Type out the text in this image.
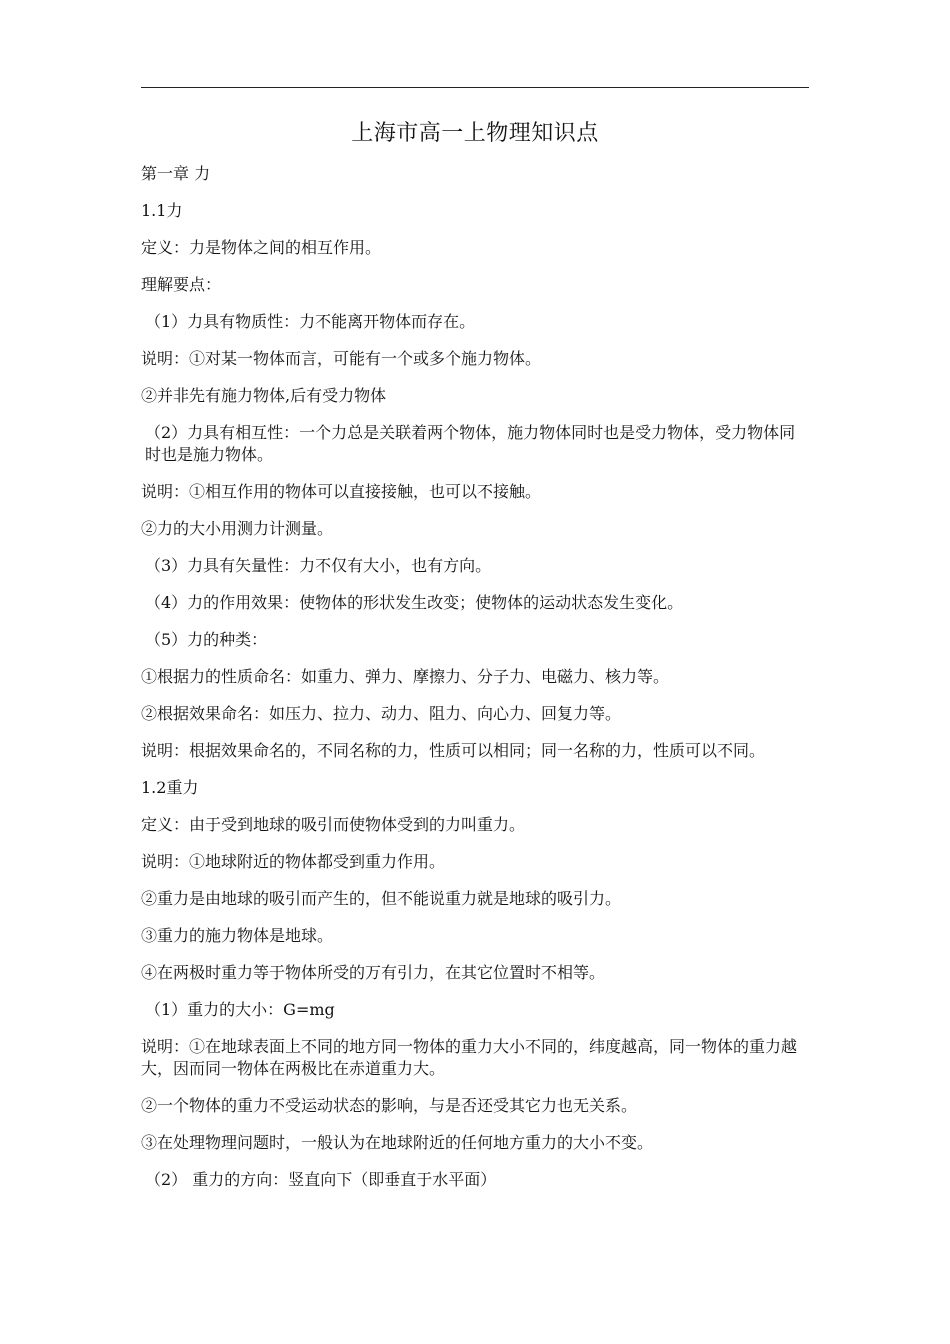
上海市高一上物理知识点

第一章 力

1.1力

定义：力是物体之间的相互作用。

理解要点：

（1）力具有物质性：力不能离开物体而存在。

说明：①对某一物体而言，可能有一个或多个施力物体。

②并非先有施力物体,后有受力物体

（2）力具有相互性：一个力总是关联着两个物体，施力物体同时也是受力物体，受力物体同时也是施力物体。

说明：①相互作用的物体可以直接接触，也可以不接触。

②力的大小用测力计测量。

（3）力具有矢量性：力不仅有大小，也有方向。

（4）力的作用效果：使物体的形状发生改变；使物体的运动状态发生变化。

（5）力的种类：

①根据力的性质命名：如重力、弹力、摩擦力、分子力、电磁力、核力等。

②根据效果命名：如压力、拉力、动力、阻力、向心力、回复力等。

说明：根据效果命名的，不同名称的力，性质可以相同；同一名称的力，性质可以不同。

1.2重力

定义：由于受到地球的吸引而使物体受到的力叫重力。

说明：①地球附近的物体都受到重力作用。

②重力是由地球的吸引而产生的，但不能说重力就是地球的吸引力。

③重力的施力物体是地球。

④在两极时重力等于物体所受的万有引力，在其它位置时不相等。

（1）重力的大小：G=mg

说明：①在地球表面上不同的地方同一物体的重力大小不同的，纬度越高，同一物体的重力越大，因而同一物体在两极比在赤道重力大。

②一个物体的重力不受运动状态的影响，与是否还受其它力也无关系。

③在处理物理问题时，一般认为在地球附近的任何地方重力的大小不变。

（2） 重力的方向：竖直向下（即垂直于水平面）
